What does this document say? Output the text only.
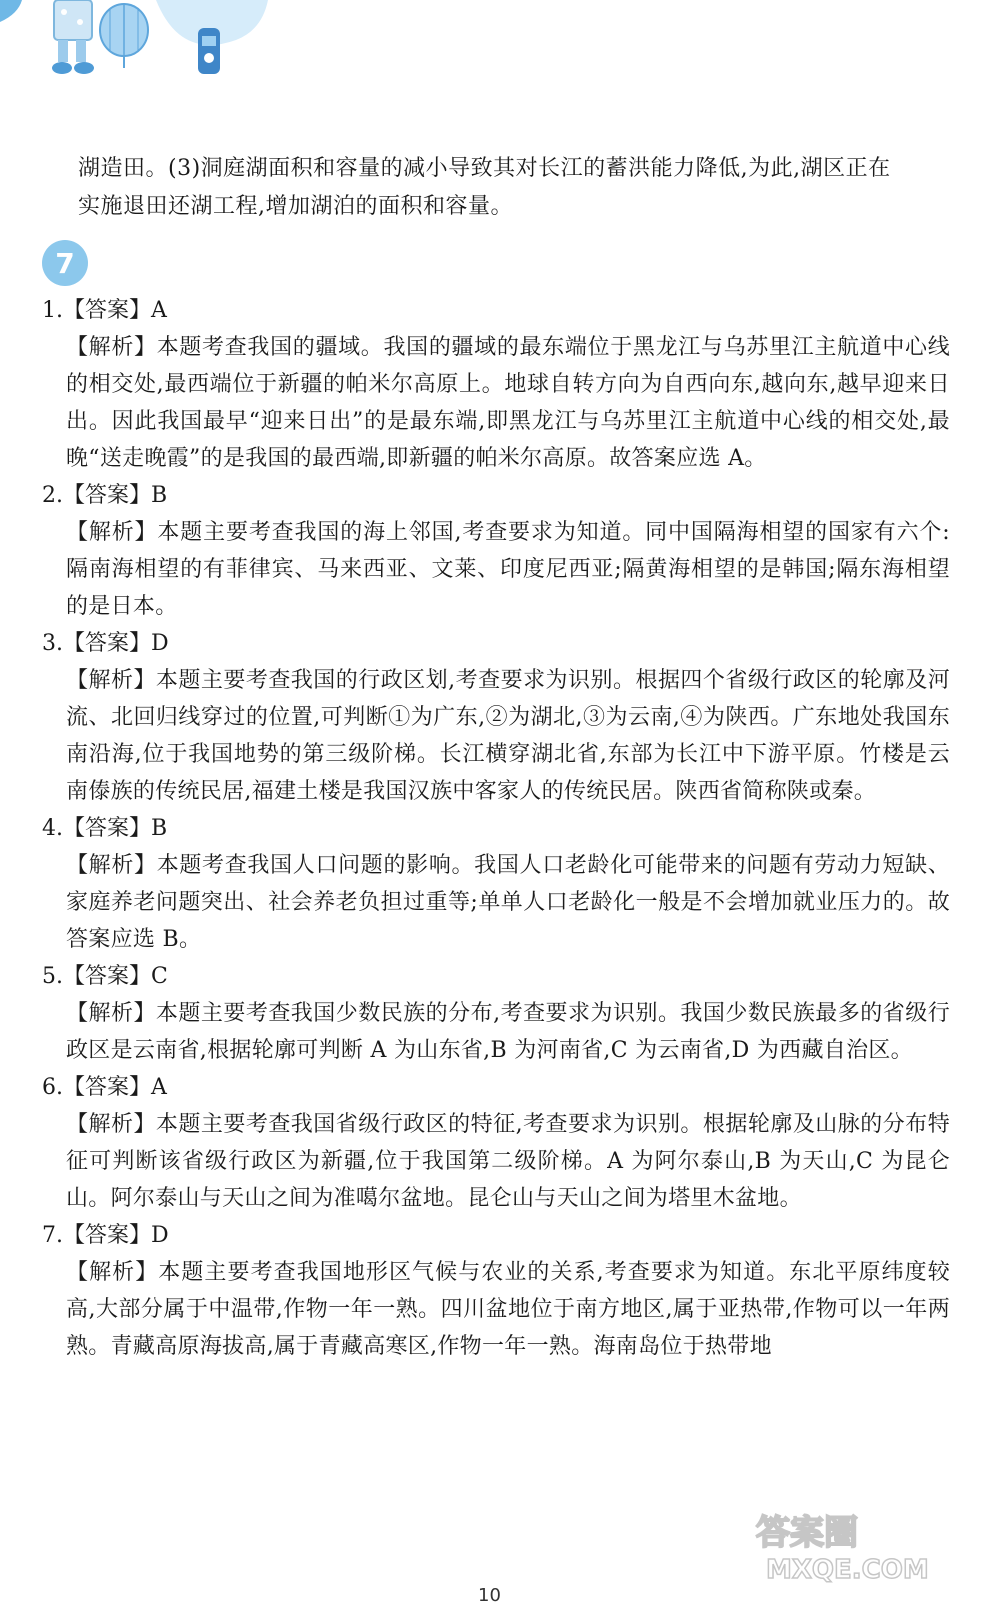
湖造田。(3)洞庭湖面积和容量的减小导致其对长江的蓄洪能力降低,为此,湖区正在

实施退田还湖工程,增加湖泊的面积和容量。

7
1.【答案】A

【解析】本题考查我国的疆域。我国的疆域的最东端位于黑龙江与乌苏里江主航道中心线的相交处,最西端位于新疆的帕米尔高原上。地球自转方向为自西向东,越向东,越早迎来日出。因此我国最早“迎来日出”的是最东端,即黑龙江与乌苏里江主航道中心线的相交处,最晚“送走晚霞”的是我国的最西端,即新疆的帕米尔高原。故答案应选 A。

2.【答案】B

【解析】本题主要考查我国的海上邻国,考查要求为知道。同中国隔海相望的国家有六个:隔南海相望的有菲律宾、马来西亚、文莱、印度尼西亚;隔黄海相望的是韩国;隔东海相望的是日本。

3.【答案】D

【解析】本题主要考查我国的行政区划,考查要求为识别。根据四个省级行政区的轮廓及河流、北回归线穿过的位置,可判断①为广东,②为湖北,③为云南,④为陕西。广东地处我国东南沿海,位于我国地势的第三级阶梯。长江横穿湖北省,东部为长江中下游平原。竹楼是云南傣族的传统民居,福建土楼是我国汉族中客家人的传统民居。陕西省简称陕或秦。

4.【答案】B

【解析】本题考查我国人口问题的影响。我国人口老龄化可能带来的问题有劳动力短缺、家庭养老问题突出、社会养老负担过重等;单单人口老龄化一般是不会增加就业压力的。故答案应选 B。

5.【答案】C

【解析】本题主要考查我国少数民族的分布,考查要求为识别。我国少数民族最多的省级行政区是云南省,根据轮廓可判断 A 为山东省,B 为河南省,C 为云南省,D 为西藏自治区。

6.【答案】A

【解析】本题主要考查我国省级行政区的特征,考查要求为识别。根据轮廓及山脉的分布特征可判断该省级行政区为新疆,位于我国第二级阶梯。A 为阿尔泰山,B 为天山,C 为昆仑山。阿尔泰山与天山之间为准噶尔盆地。昆仑山与天山之间为塔里木盆地。

7.【答案】D

【解析】本题主要考查我国地形区气候与农业的关系,考查要求为知道。东北平原纬度较高,大部分属于中温带,作物一年一熟。四川盆地位于南方地区,属于亚热带,作物可以一年两熟。青藏高原海拔高,属于青藏高寒区,作物一年一熟。海南岛位于热带地

答案圈
MXQE.COM
10
